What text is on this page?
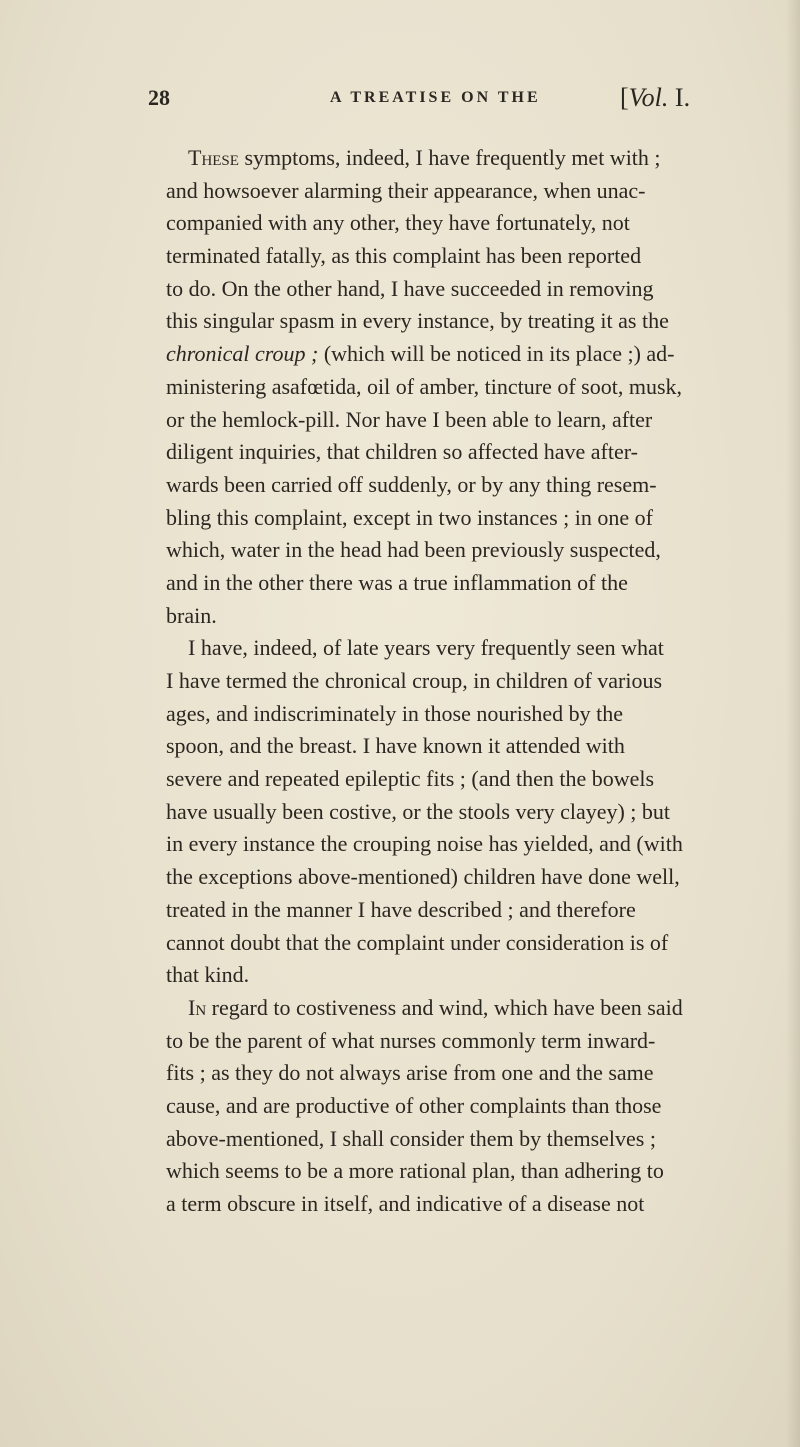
28	A TREATISE ON THE	[Vol. I.
These symptoms, indeed, I have frequently met with ;
and howsoever alarming their appearance, when unac-
companied with any other, they have fortunately, not
terminated fatally, as this complaint has been reported
to do. On the other hand, I have succeeded in removing
this singular spasm in every instance, by treating it as the
chronical croup ; (which will be noticed in its place ;) ad-
ministering asafœtida, oil of amber, tincture of soot, musk,
or the hemlock-pill. Nor have I been able to learn, after
diligent inquiries, that children so affected have after-
wards been carried off suddenly, or by any thing resem-
bling this complaint, except in two instances ; in one of
which, water in the head had been previously suspected,
and in the other there was a true inflammation of the
brain.
I have, indeed, of late years very frequently seen what
I have termed the chronical croup, in children of various
ages, and indiscriminately in those nourished by the
spoon, and the breast. I have known it attended with
severe and repeated epileptic fits ; (and then the bowels
have usually been costive, or the stools very clayey) ; but
in every instance the crouping noise has yielded, and (with
the exceptions above-mentioned) children have done well,
treated in the manner I have described ; and therefore
cannot doubt that the complaint under consideration is of
that kind.
In regard to costiveness and wind, which have been said
to be the parent of what nurses commonly term inward-
fits ; as they do not always arise from one and the same
cause, and are productive of other complaints than those
above-mentioned, I shall consider them by themselves ;
which seems to be a more rational plan, than adhering to
a term obscure in itself, and indicative of a disease not
